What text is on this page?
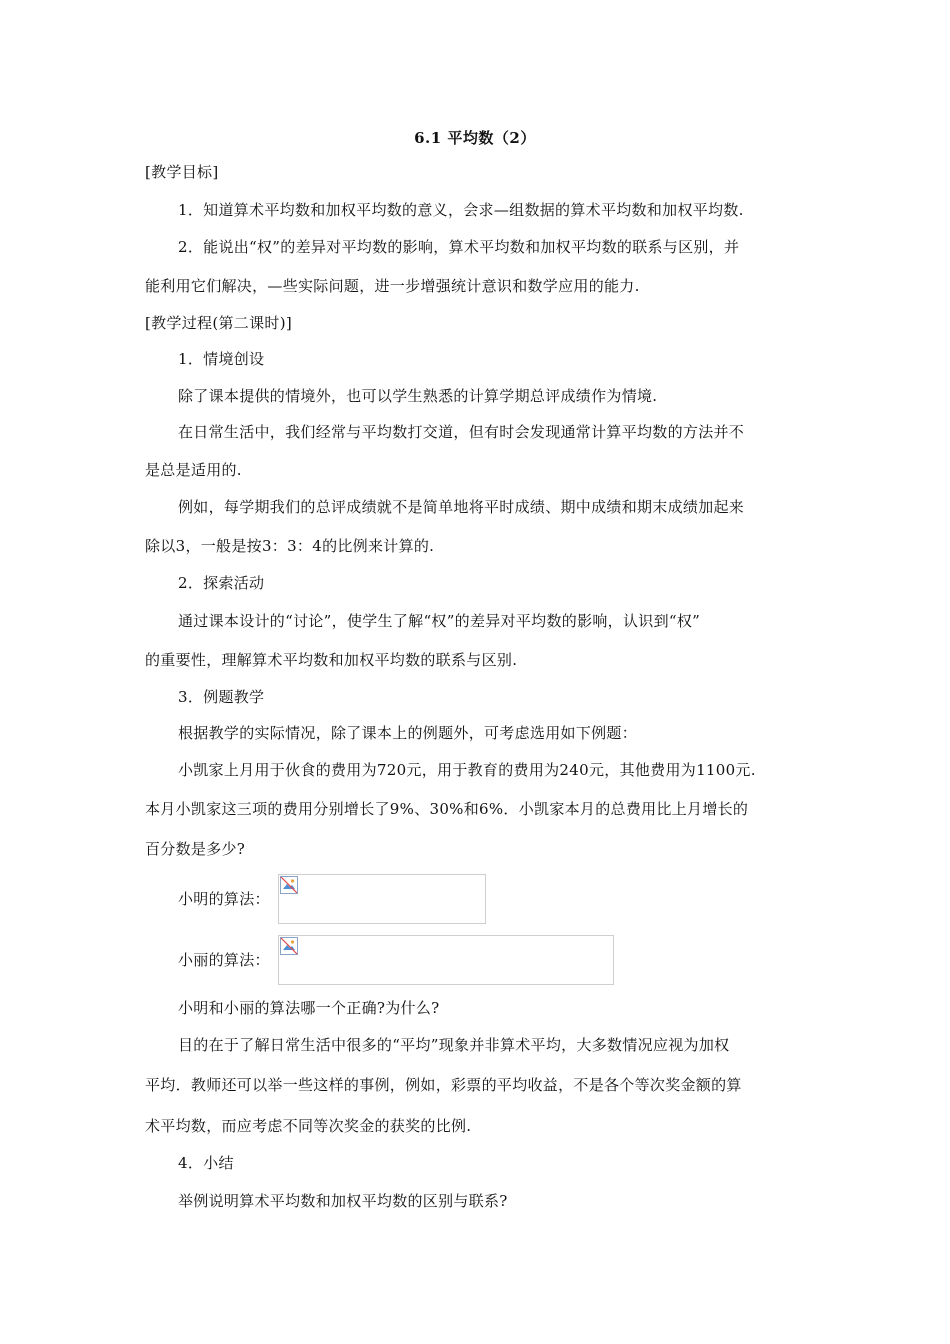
6.1 平均数（2）
[教学目标]
1．知道算术平均数和加权平均数的意义，会求—组数据的算术平均数和加权平均数.
2．能说出“权”的差异对平均数的影响，算术平均数和加权平均数的联系与区别，并
能利用它们解决，—些实际问题，进一步增强统计意识和数学应用的能力.
[教学过程(第二课时)]
1．情境创设
除了课本提供的情境外，也可以学生熟悉的计算学期总评成绩作为情境.
在日常生活中，我们经常与平均数打交道，但有时会发现通常计算平均数的方法并不
是总是适用的.
例如，每学期我们的总评成绩就不是简单地将平时成绩、期中成绩和期末成绩加起来
除以3，一般是按3：3：4的比例来计算的.
2．探索活动
通过课本设计的“讨论”，使学生了解“权”的差异对平均数的影响，认识到“权”
的重要性，理解算术平均数和加权平均数的联系与区别.
3．例题教学
根据教学的实际情况，除了课本上的例题外，可考虑选用如下例题：
小凯家上月用于伙食的费用为720元，用于教育的费用为240元，其他费用为1100元.
本月小凯家这三项的费用分别增长了9%、30%和6%．小凯家本月的总费用比上月增长的
百分数是多少?
小明的算法：
小丽的算法：
小明和小丽的算法哪一个正确?为什么?
目的在于了解日常生活中很多的“平均”现象并非算术平均，大多数情况应视为加权
平均．教师还可以举一些这样的事例，例如，彩票的平均收益，不是各个等次奖金额的算
术平均数，而应考虑不同等次奖金的获奖的比例.
4．小结
举例说明算术平均数和加权平均数的区别与联系?
